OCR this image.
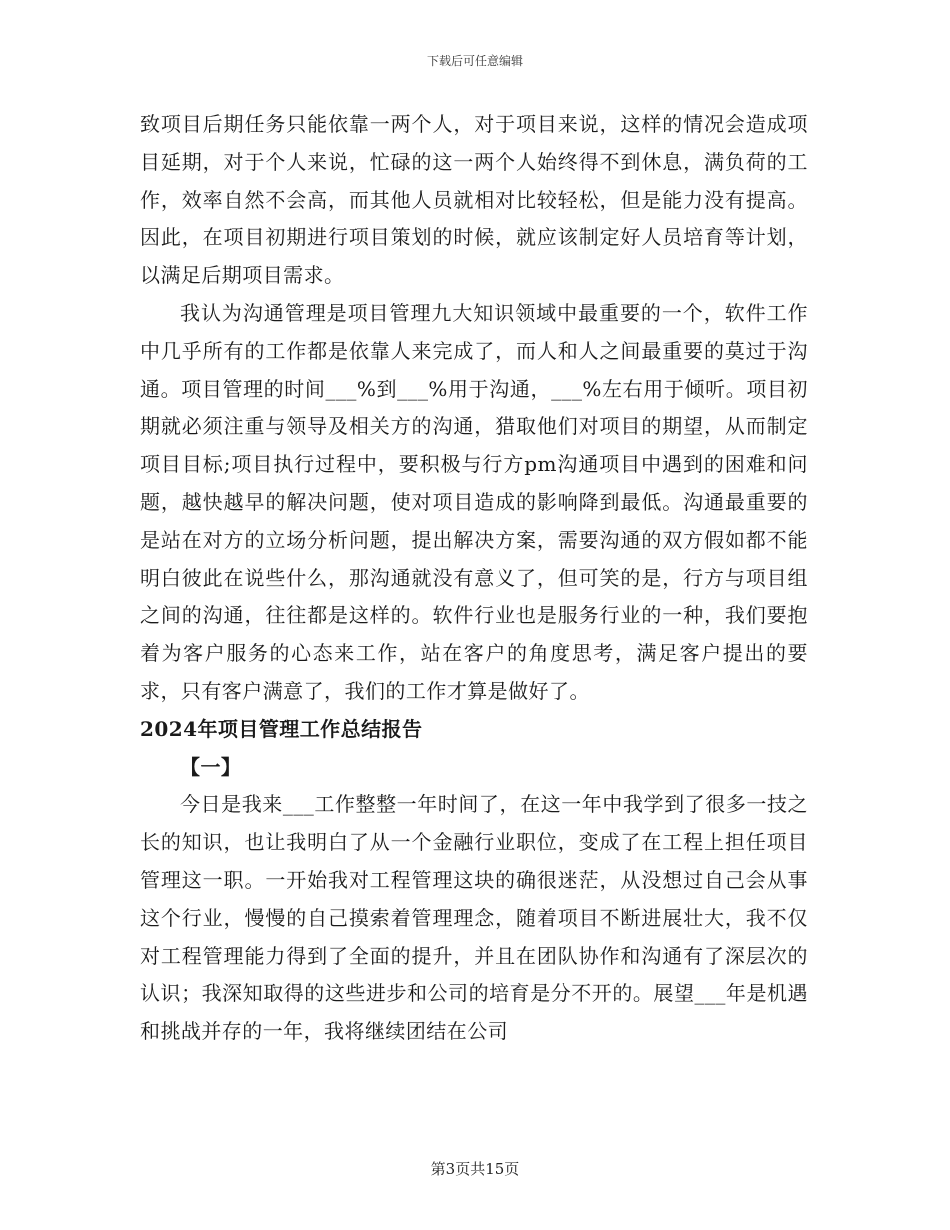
下载后可任意编辑

致项目后期任务只能依靠一两个人，对于项目来说，这样的情况会造成项目延期，对于个人来说，忙碌的这一两个人始终得不到休息，满负荷的工作，效率自然不会高，而其他人员就相对比较轻松，但是能力没有提高。因此，在项目初期进行项目策划的时候，就应该制定好人员培育等计划，以满足后期项目需求。

我认为沟通管理是项目管理九大知识领域中最重要的一个，软件工作中几乎所有的工作都是依靠人来完成了，而人和人之间最重要的莫过于沟通。项目管理的时间___%到___%用于沟通，___%左右用于倾听。项目初期就必须注重与领导及相关方的沟通，猎取他们对项目的期望，从而制定项目目标;项目执行过程中，要积极与行方pm沟通项目中遇到的困难和问题，越快越早的解决问题，使对项目造成的影响降到最低。沟通最重要的是站在对方的立场分析问题，提出解决方案，需要沟通的双方假如都不能明白彼此在说些什么，那沟通就没有意义了，但可笑的是，行方与项目组之间的沟通，往往都是这样的。软件行业也是服务行业的一种，我们要抱着为客户服务的心态来工作，站在客户的角度思考，满足客户提出的要求，只有客户满意了，我们的工作才算是做好了。

2024年项目管理工作总结报告

【一】

今日是我来___工作整整一年时间了，在这一年中我学到了很多一技之长的知识，也让我明白了从一个金融行业职位，变成了在工程上担任项目管理这一职。一开始我对工程管理这块的确很迷茫，从没想过自己会从事这个行业，慢慢的自己摸索着管理理念，随着项目不断进展壮大，我不仅对工程管理能力得到了全面的提升，并且在团队协作和沟通有了深层次的认识；我深知取得的这些进步和公司的培育是分不开的。展望___年是机遇和挑战并存的一年，我将继续团结在公司

第3页共15页
